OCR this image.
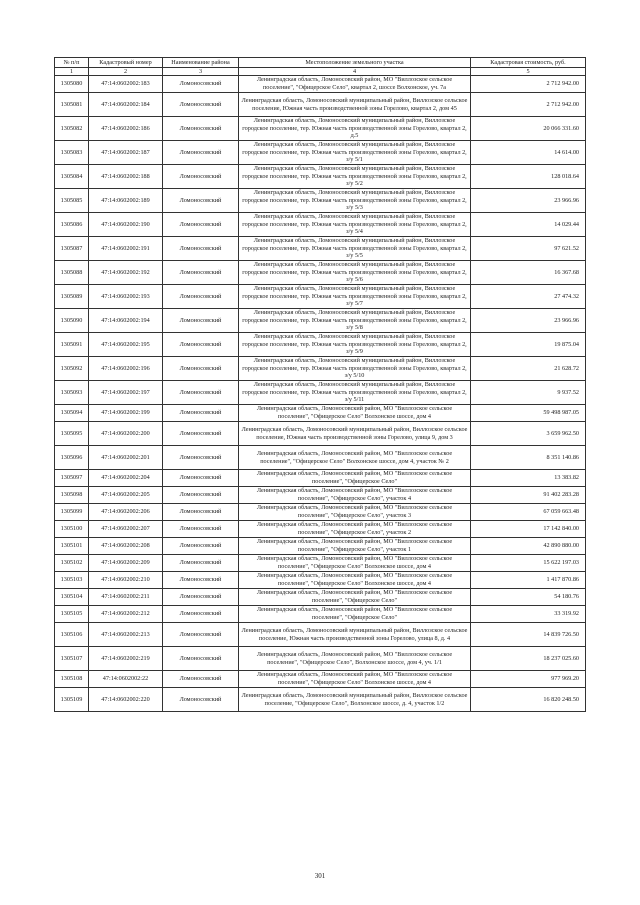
№ п/п	Кадастровый номер	Наименование района	Местоположение земельного участка	Кадастровая стоимость, руб.
1	2	3	4	5
1305080	47:14:0602002:183	Ломоносовский	Ленинградская область, Ломоносовский район, МО "Виллозское сельское поселение", "Офицерское Село", квартал 2, шоссе Волхонское, уч. 7a	2 712 942.00
1305081	47:14:0602002:184	Ломоносовский	Ленинградская область, Ломоносовский муниципальный район, Виллозское сельское поселение, Южная часть производственной зоны Горелово, квартал 2, дом 45	2 712 942.00
1305082	47:14:0602002:186	Ломоносовский	Ленинградская область, Ломоносовский муниципальный район, Виллозское городское поселение, тер. Южная часть производственной зоны Горелово, квартал 2, д.5	20 066 331.60
1305083	47:14:0602002:187	Ломоносовский	Ленинградская область, Ломоносовский муниципальный район, Виллозское городское поселение, тер. Южная часть производственной зоны Горелово, квартал 2, з/у 5/1	14 614.00
1305084	47:14:0602002:188	Ломоносовский	Ленинградская область, Ломоносовский муниципальный район, Виллозское городское поселение, тер. Южная часть производственной зоны Горелово, квартал 2, з/у 5/2	128 018.64
1305085	47:14:0602002:189	Ломоносовский	Ленинградская область, Ломоносовский муниципальный район, Виллозское городское поселение, тер. Южная часть производственной зоны Горелово, квартал 2, з/у 5/3	23 966.96
1305086	47:14:0602002:190	Ломоносовский	Ленинградская область, Ломоносовский муниципальный район, Виллозское городское поселение, тер. Южная часть производственной зоны Горелово, квартал 2, з/у 5/4	14 029.44
1305087	47:14:0602002:191	Ломоносовский	Ленинградская область, Ломоносовский муниципальный район, Виллозское городское поселение, тер. Южная часть производственной зоны Горелово, квартал 2, з/у 5/5	97 621.52
1305088	47:14:0602002:192	Ломоносовский	Ленинградская область, Ломоносовский муниципальный район, Виллозское городское поселение, тер. Южная часть производственной зоны Горелово, квартал 2, з/у 5/6	16 367.68
1305089	47:14:0602002:193	Ломоносовский	Ленинградская область, Ломоносовский муниципальный район, Виллозское городское поселение, тер. Южная часть производственной зоны Горелово, квартал 2, з/у 5/7	27 474.32
1305090	47:14:0602002:194	Ломоносовский	Ленинградская область, Ломоносовский муниципальный район, Виллозское городское поселение, тер. Южная часть производственной зоны Горелово, квартал 2, з/у 5/8	23 966.96
1305091	47:14:0602002:195	Ломоносовский	Ленинградская область, Ломоносовский муниципальный район, Виллозское городское поселение, тер. Южная часть производственной зоны Горелово, квартал 2, з/у 5/9	19 875.04
1305092	47:14:0602002:196	Ломоносовский	Ленинградская область, Ломоносовский муниципальный район, Виллозское городское поселение, тер. Южная часть производственной зоны Горелово, квартал 2, з/у 5/10	21 628.72
1305093	47:14:0602002:197	Ломоносовский	Ленинградская область, Ломоносовский муниципальный район, Виллозское городское поселение, тер. Южная часть производственной зоны Горелово, квартал 2, з/у 5/11	9 937.52
1305094	47:14:0602002:199	Ломоносовский	Ленинградская область, Ломоносовский район, МО "Виллозское сельское поселение", "Офицерское Село" Волхонское шоссе, дом 4	59 498 987.05
1305095	47:14:0602002:200	Ломоносовский	Ленинградская область, Ломоносовский муниципальный район, Виллозское сельское поселение, Южная часть производственной зоны Горелово, улица 9, дом 3	3 659 962.50
1305096	47:14:0602002:201	Ломоносовский	Ленинградская область, Ломоносовский район, МО "Виллозское сельское поселение", "Офицерское Село" Волхонское шоссе, дом 4, участок № 2	8 351 140.86
1305097	47:14:0602002:204	Ломоносовский	Ленинградская область, Ломоносовский район, МО "Виллозское сельское поселение", "Офицерское Село"	13 383.82
1305098	47:14:0602002:205	Ломоносовский	Ленинградская область, Ломоносовский район, МО "Виллозское сельское поселение", "Офицерское Село", участок 4	91 402 283.28
1305099	47:14:0602002:206	Ломоносовский	Ленинградская область, Ломоносовский район, МО "Виллозское сельское поселение", "Офицерское Село", участок 3	67 059 663.48
1305100	47:14:0602002:207	Ломоносовский	Ленинградская область, Ломоносовский район, МО "Виллозское сельское поселение", "Офицерское Село", участок 2	17 142 840.00
1305101	47:14:0602002:208	Ломоносовский	Ленинградская область, Ломоносовский район, МО "Виллозское сельское поселение", "Офицерское Село", участок 1	42 890 880.00
1305102	47:14:0602002:209	Ломоносовский	Ленинградская область, Ломоносовский район, МО "Виллозское сельское поселение", "Офицерское Село" Волхонское шоссе, дом 4	15 622 197.03
1305103	47:14:0602002:210	Ломоносовский	Ленинградская область, Ломоносовский район, МО "Виллозское сельское поселение", "Офицерское Село" Волхонское шоссе, дом 4	1 417 870.86
1305104	47:14:0602002:211	Ломоносовский	Ленинградская область, Ломоносовский район, МО "Виллозское сельское поселение", "Офицерское Село"	54 180.76
1305105	47:14:0602002:212	Ломоносовский	Ленинградская область, Ломоносовский район, МО "Виллозское сельское поселение", "Офицерское Село"	33 319.92
1305106	47:14:0602002:213	Ломоносовский	Ленинградская область, Ломоносовский муниципальный район, Виллозское сельское поселение, Южная часть производственной зоны Горелово, улица 8, д. 4	14 839 726.50
1305107	47:14:0602002:219	Ломоносовский	Ленинградская область, Ломоносовский район, МО "Виллозское сельское поселение", "Офицерское Село", Волхонское шоссе, дом 4, уч. 1/1	18 237 025.60
1305108	47:14:0602002:22	Ломоносовский	Ленинградская область, Ломоносовский район, МО "Виллозское сельское поселение", "Офицерское Село" Волхонское шоссе, дом 4	977 969.20
1305109	47:14:0602002:220	Ломоносовский	Ленинградская область, Ломоносовский муниципальный район, Виллозское сельское поселение, "Офицерское Село", Волхонское шоссе, д. 4, участок 1/2	16 820 248.50
301
